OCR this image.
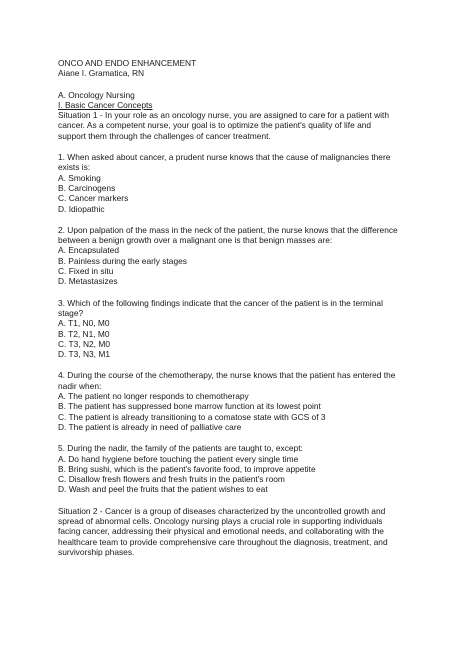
ONCO AND ENDO ENHANCEMENT
Aiane I. Gramatica, RN
A. Oncology Nursing
I. Basic Cancer Concepts
Situation 1 - In your role as an oncology nurse, you are assigned to care for a patient with
cancer. As a competent nurse, your goal is to optimize the patient's quality of life and
support them through the challenges of cancer treatment.
1. When asked about cancer, a prudent nurse knows that the cause of malignancies there
exists is:
A. Smoking
B. Carcinogens
C. Cancer markers
D. Idiopathic
2. Upon palpation of the mass in the neck of the patient, the nurse knows that the difference
between a benign growth over a malignant one is that benign masses are:
A. Encapsulated
B. Painless during the early stages
C. Fixed in situ
D. Metastasizes
3. Which of the following findings indicate that the cancer of the patient is in the terminal
stage?
A. T1, N0, M0
B. T2, N1, M0
C. T3, N2, M0
D. T3, N3, M1
4. During the course of the chemotherapy, the nurse knows that the patient has entered the
nadir when:
A. The patient no longer responds to chemotherapy
B. The patient has suppressed bone marrow function at its lowest point
C. The patient is already transitioning to a comatose state with GCS of 3
D. The patient is already in need of palliative care
5. During the nadir, the family of the patients are taught to, except:
A. Do hand hygiene before touching the patient every single time
B. Bring sushi, which is the patient's favorite food, to improve appetite
C. Disallow fresh flowers and fresh fruits in the patient's room
D. Wash and peel the fruits that the patient wishes to eat
Situation 2 - Cancer is a group of diseases characterized by the uncontrolled growth and
spread of abnormal cells. Oncology nursing plays a crucial role in supporting individuals
facing cancer, addressing their physical and emotional needs, and collaborating with the
healthcare team to provide comprehensive care throughout the diagnosis, treatment, and
survivorship phases.
